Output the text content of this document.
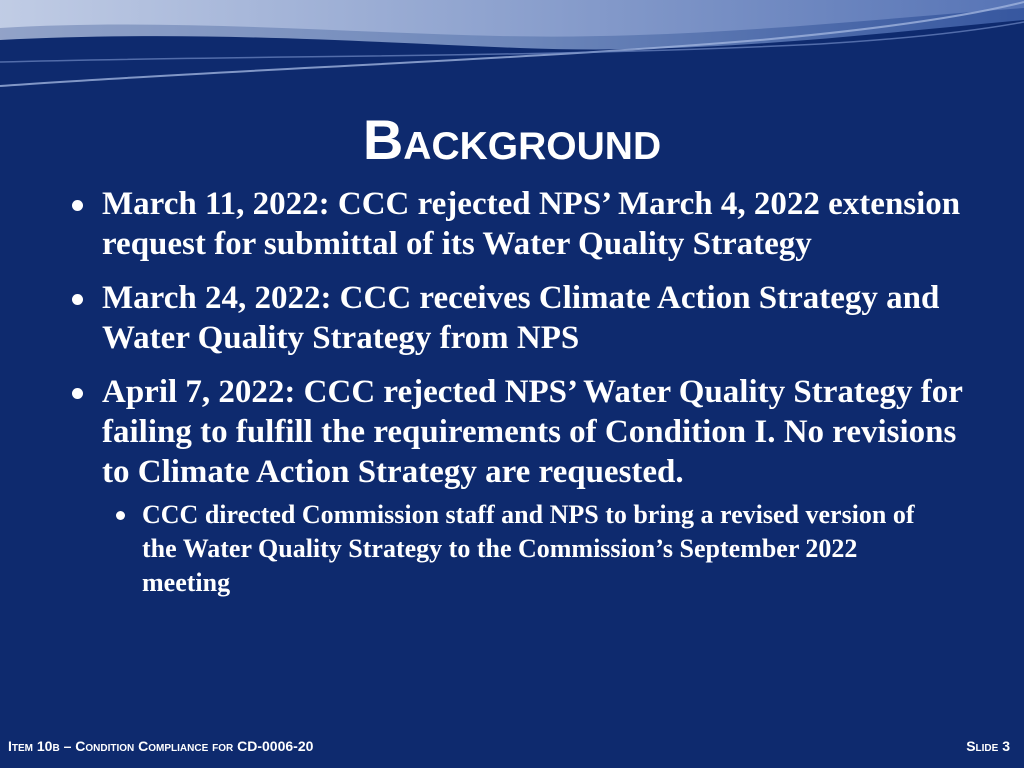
Background
March 11, 2022: CCC rejected NPS’ March 4, 2022 extension request for submittal of its Water Quality Strategy
March 24, 2022: CCC receives Climate Action Strategy and Water Quality Strategy from NPS
April 7, 2022: CCC rejected NPS’ Water Quality Strategy for failing to fulfill the requirements of Condition I. No revisions to Climate Action Strategy are requested.
CCC directed Commission staff and NPS to bring a revised version of the Water Quality Strategy to the Commission’s September 2022 meeting
Item 10b – Condition Compliance for CD-0006-20	Slide 3
